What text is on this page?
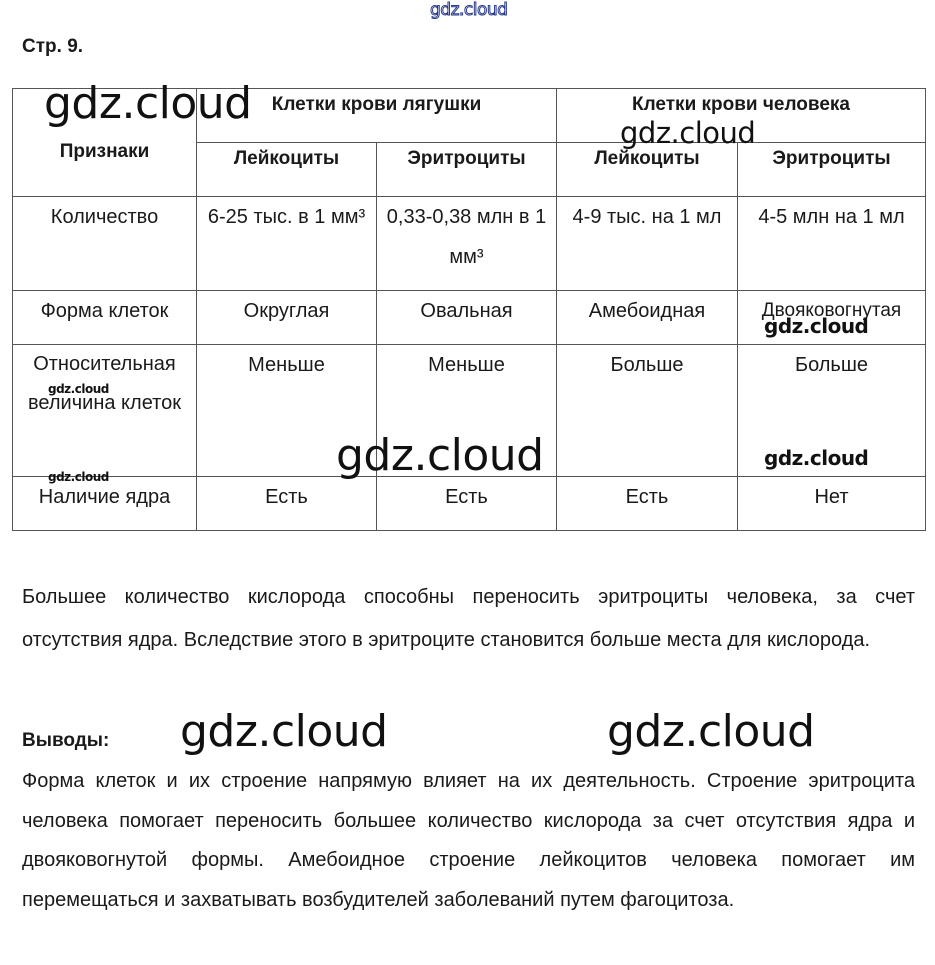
gdz.cloud
Стр. 9.
Признаки	Клетки крови лягушки		Клетки крови человека	
	Лейкоциты	Эритроциты	Лейкоциты	Эритроциты
Количество	6-25 тыс. в 1 мм³	0,33-0,38 млн в 1 мм³	4-9 тыс. на 1 мл	4-5 млн на 1 мл
Форма клеток	Округлая	Овальная	Амебоидная	Двояковогнутая
Относительная величина клеток	Меньше	Меньше	Больше	Больше
Наличие ядра	Есть	Есть	Есть	Нет

Большее количество кислорода способны переносить эритроциты человека, за счет отсутствия ядра. Вследствие этого в эритроците становится больше места для кислорода.

Выводы:

Форма клеток и их строение напрямую влияет на их деятельность. Строение эритроцита человека помогает переносить большее количество кислорода за счет отсутствия ядра и двояковогнутой формы. Амебоидное строение лейкоцитов человека помогает им перемещаться и захватывать возбудителей заболеваний путем фагоцитоза.

gdz.cloud
gdz.cloud
gdz.cloud
gdz.cloud
gdz.cloud	gdz.cloud
gdz.cloud
gdz.cloud	gdz.cloud
